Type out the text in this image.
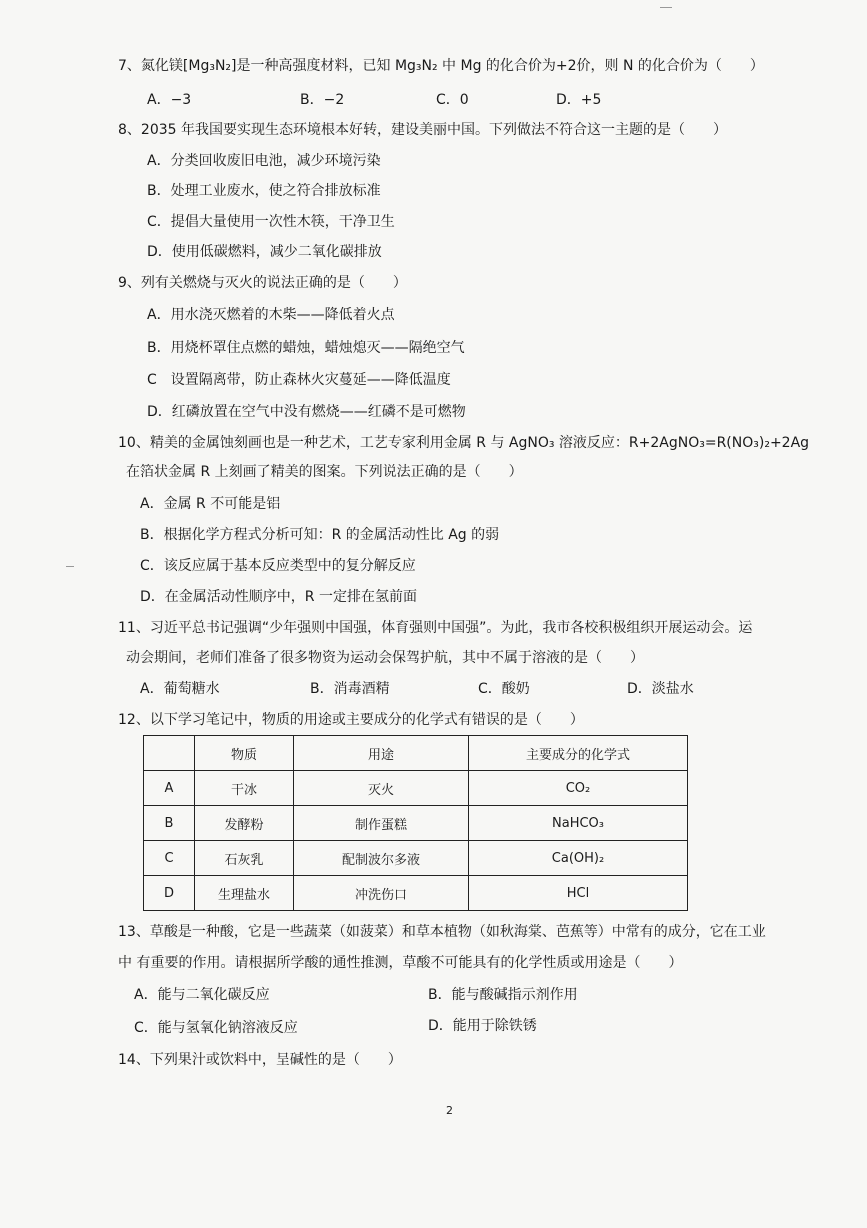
7、氮化镁[Mg₃N₂]是一种高强度材料，已知 Mg₃N₂ 中 Mg 的化合价为+2价，则 N 的化合价为（　　）
A．−3	B．−2	C．0	D．+5
8、2035 年我国要实现生态环境根本好转，建设美丽中国。下列做法不符合这一主题的是（　　）
A．分类回收废旧电池，减少环境污染
B．处理工业废水，使之符合排放标准
C．提倡大量使用一次性木筷，干净卫生
D．使用低碳燃料，减少二氧化碳排放
9、列有关燃烧与灭火的说法正确的是（　　）
A．用水浇灭燃着的木柴——降低着火点
B．用烧杯罩住点燃的蜡烛，蜡烛熄灭——隔绝空气
C　设置隔离带，防止森林火灾蔓延——降低温度
D．红磷放置在空气中没有燃烧——红磷不是可燃物
10、精美的金属蚀刻画也是一种艺术，工艺专家利用金属 R 与 AgNO₃ 溶液反应：R+2AgNO₃=R(NO₃)₂+2Ag
在箔状金属 R 上刻画了精美的图案。下列说法正确的是（　　）
A．金属 R 不可能是铝
B．根据化学方程式分析可知：R 的金属活动性比 Ag 的弱
C．该反应属于基本反应类型中的复分解反应
D．在金属活动性顺序中，R 一定排在氢前面
11、习近平总书记强调“少年强则中国强，体育强则中国强”。为此，我市各校积极组织开展运动会。运
动会期间，老师们准备了很多物资为运动会保驾护航，其中不属于溶液的是（　　）
A．葡萄糖水	B．消毒酒精	C．酸奶	D．淡盐水
12、以下学习笔记中，物质的用途或主要成分的化学式有错误的是（　　）
	物质	用途	主要成分的化学式
A	干冰	灭火	CO₂
B	发酵粉	制作蛋糕	NaHCO₃
C	石灰乳	配制波尔多液	Ca(OH)₂
D	生理盐水	冲洗伤口	HCl
13、草酸是一种酸，它是一些蔬菜（如菠菜）和草本植物（如秋海棠、芭蕉等）中常有的成分，它在工业
中 有重要的作用。请根据所学酸的通性推测，草酸不可能具有的化学性质或用途是（　　）
A．能与二氧化碳反应	B．能与酸碱指示剂作用
C．能与氢氧化钠溶液反应	D．能用于除铁锈
14、下列果汁或饮料中，呈碱性的是（　　）
2
